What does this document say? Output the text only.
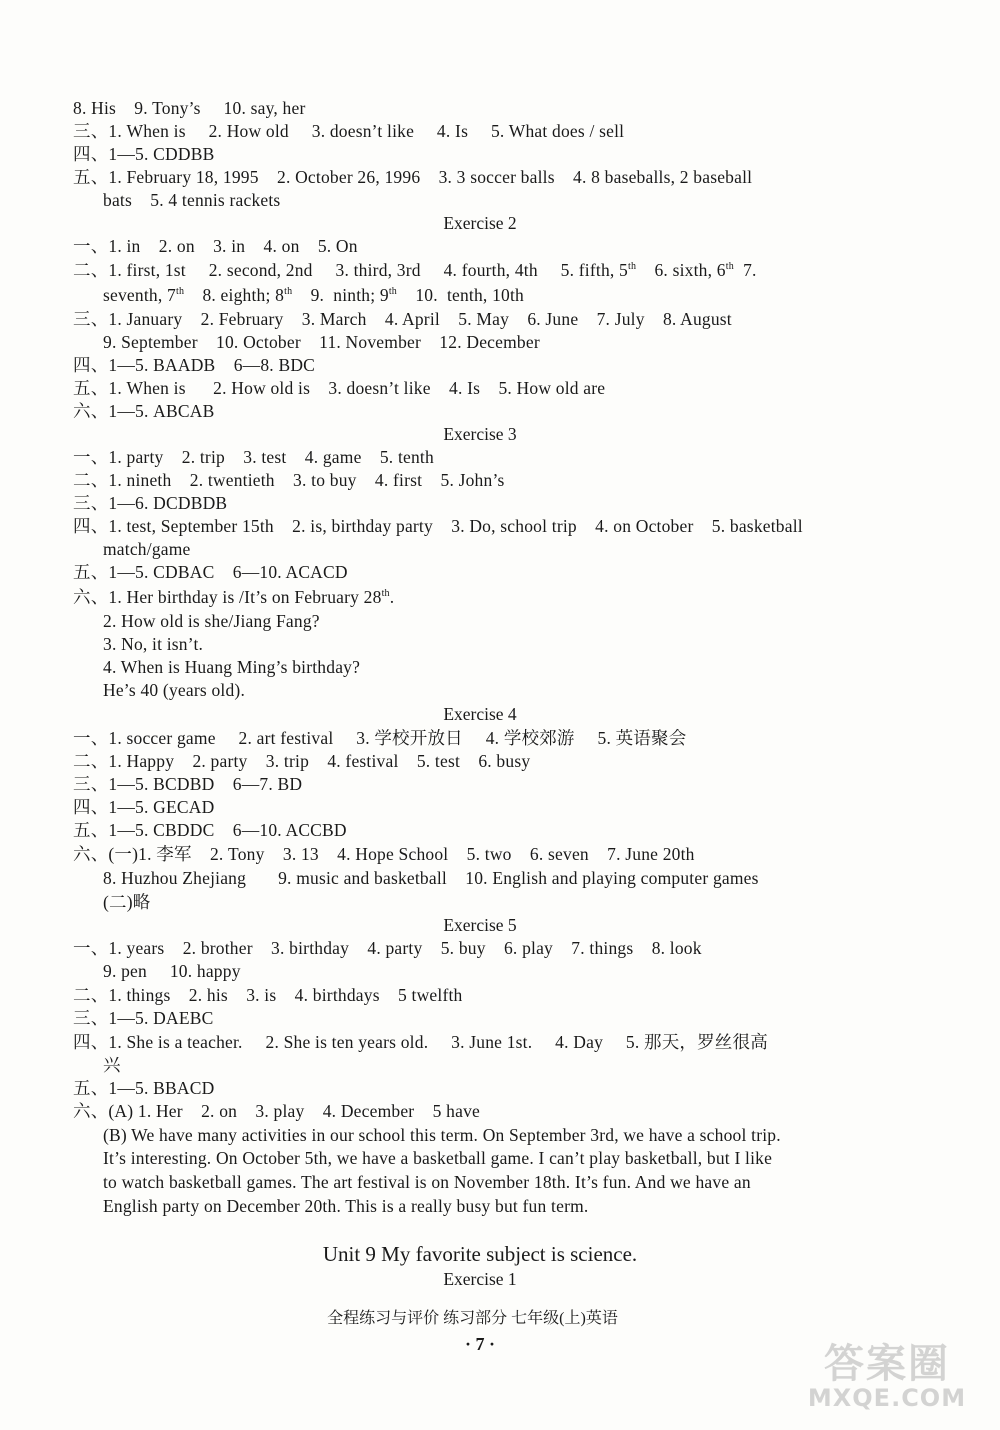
8. His    9. Tony’s     10. say, her
三、1. When is     2. How old     3. doesn’t like     4. Is     5. What does / sell
四、1—5. CDDBB
五、1. February 18, 1995    2. October 26, 1996    3. 3 soccer balls    4. 8 baseballs, 2 baseball
bats    5. 4 tennis rackets
Exercise 2
一、1. in    2. on    3. in    4. on    5. On
二、1. first, 1st     2. second, 2nd     3. third, 3rd     4. fourth, 4th     5. fifth, 5th    6. sixth, 6th  7.
seventh, 7th    8. eighth; 8th    9.  ninth; 9th    10.  tenth, 10th
三、1. January    2. February    3. March    4. April    5. May    6. June    7. July    8. August
9. September    10. October    11. November    12. December
四、1—5. BAADB    6—8. BDC
五、1. When is      2. How old is    3. doesn’t like    4. Is    5. How old are
六、1—5. ABCAB
Exercise 3
一、1. party    2. trip    3. test    4. game    5. tenth
二、1. nineth    2. twentieth    3. to buy    4. first    5. John’s
三、1—6. DCDBDB
四、1. test, September 15th    2. is, birthday party    3. Do, school trip    4. on October    5. basketball
match/game
五、1—5. CDBAC    6—10. ACACD
六、1. Her birthday is /It’s on February 28th.
2. How old is she/Jiang Fang?
3. No, it isn’t.
4. When is Huang Ming’s birthday?
He’s 40 (years old).
Exercise 4
一、1. soccer game     2. art festival     3. 学校开放日     4. 学校郊游     5. 英语聚会
二、1. Happy    2. party    3. trip    4. festival    5. test    6. busy
三、1—5. BCDBD    6—7. BD
四、1—5. GECAD
五、1—5. CBDDC    6—10. ACCBD
六、(一)1. 李军    2. Tony    3. 13    4. Hope School    5. two    6. seven    7. June 20th
8. Huzhou Zhejiang       9. music and basketball    10. English and playing computer games
(二)略
Exercise 5
一、1. years    2. brother    3. birthday    4. party    5. buy    6. play    7. things    8. look
9. pen     10. happy
二、1. things    2. his    3. is    4. birthdays    5 twelfth
三、1—5. DAEBC
四、1. She is a teacher.     2. She is ten years old.     3. June 1st.     4. Day     5. 那天，罗丝很高
兴
五、1—5. BBACD
六、(A) 1. Her    2. on    3. play    4. December    5 have
(B) We have many activities in our school this term. On September 3rd, we have a school trip.
It’s interesting. On October 5th, we have a basketball game. I can’t play basketball, but I like
to watch basketball games. The art festival is on November 18th. It’s fun. And we have an
English party on December 20th. This is a really busy but fun term.
Unit 9 My favorite subject is science.
Exercise 1
全程练习与评价 练习部分 七年级(上)英语
· 7 ·	答案圈
MXQE.COM
